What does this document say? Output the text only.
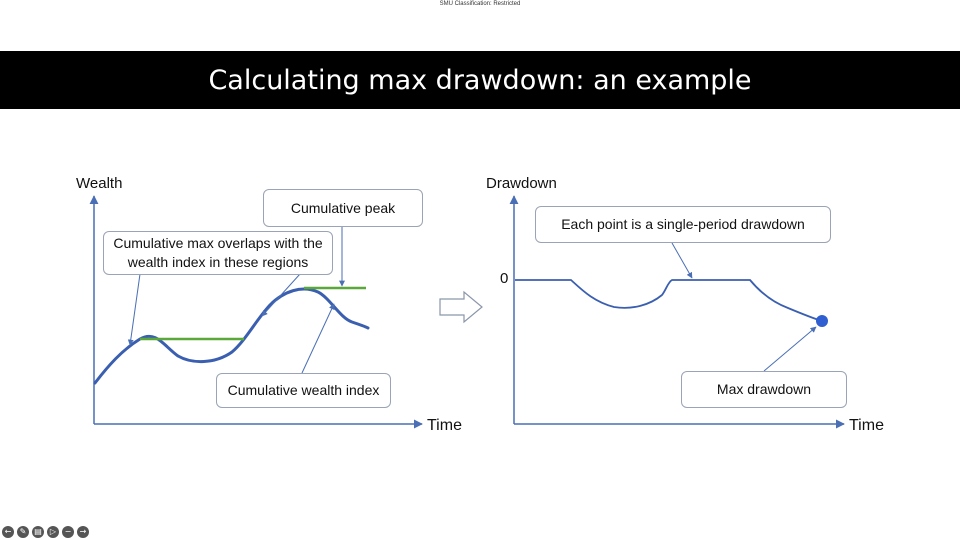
SMU Classification: Restricted
Calculating max drawdown: an example
Wealth
Time
Cumulative peak
Cumulative max overlaps with the wealth index in these regions
Cumulative wealth index
Drawdown
0
Time
Each point is a single-period drawdown
Max drawdown
←	✎ ▤	▷	−	→
